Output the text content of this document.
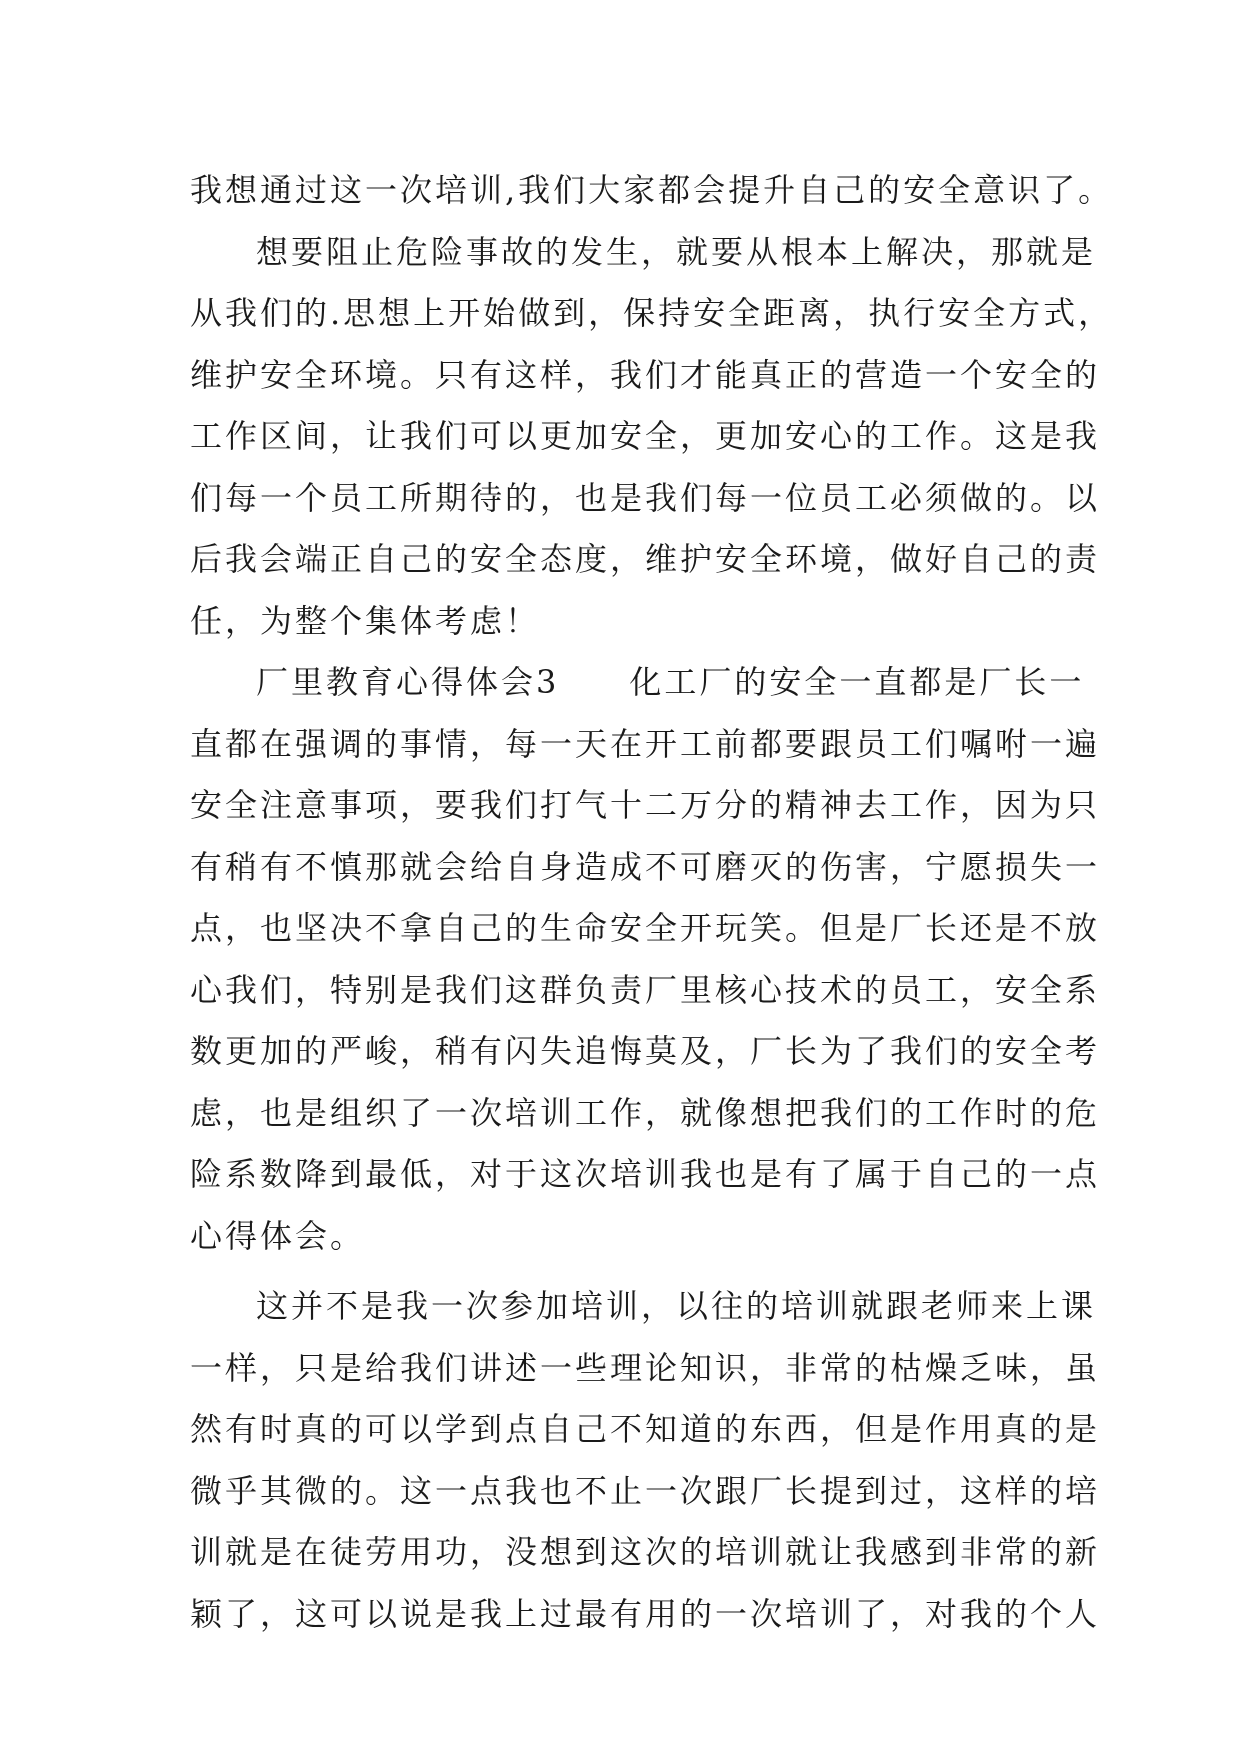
我想通过这一次培训,我们大家都会提升自己的安全意识了。
想要阻止危险事故的发生，就要从根本上解决，那就是
从我们的.思想上开始做到，保持安全距离，执行安全方式，
维护安全环境。只有这样，我们才能真正的营造一个安全的
工作区间，让我们可以更加安全，更加安心的工作。这是我
们每一个员工所期待的，也是我们每一位员工必须做的。以
后我会端正自己的安全态度，维护安全环境，做好自己的责
任，为整个集体考虑！
厂里教育心得体会3　　化工厂的安全一直都是厂长一
直都在强调的事情，每一天在开工前都要跟员工们嘱咐一遍
安全注意事项，要我们打气十二万分的精神去工作，因为只
有稍有不慎那就会给自身造成不可磨灭的伤害，宁愿损失一
点，也坚决不拿自己的生命安全开玩笑。但是厂长还是不放
心我们，特别是我们这群负责厂里核心技术的员工，安全系
数更加的严峻，稍有闪失追悔莫及，厂长为了我们的安全考
虑，也是组织了一次培训工作，就像想把我们的工作时的危
险系数降到最低，对于这次培训我也是有了属于自己的一点
心得体会。
这并不是我一次参加培训，以往的培训就跟老师来上课
一样，只是给我们讲述一些理论知识，非常的枯燥乏味，虽
然有时真的可以学到点自己不知道的东西，但是作用真的是
微乎其微的。这一点我也不止一次跟厂长提到过，这样的培
训就是在徒劳用功，没想到这次的培训就让我感到非常的新
颖了，这可以说是我上过最有用的一次培训了，对我的个人
